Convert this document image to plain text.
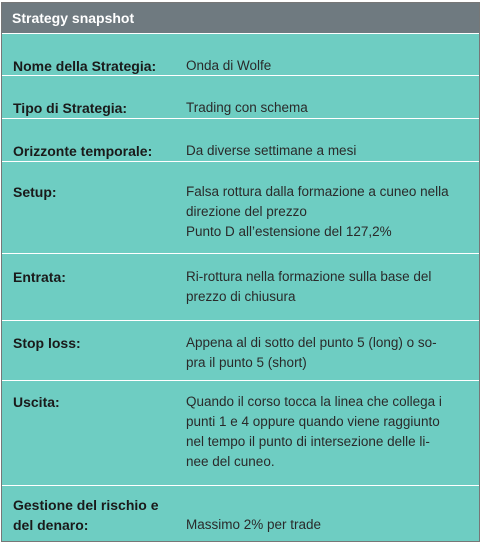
Strategy snapshot
Nome della Strategia:	Onda di Wolfe
Tipo di Strategia:	Trading con schema
Orizzonte temporale:	Da diverse settimane a mesi
Setup:	Falsa rottura dalla formazione a cuneo nella
direzione del prezzo
Punto D all’estensione del 127,2%
Entrata:	Ri-rottura nella formazione sulla base del
prezzo di chiusura
Stop loss:	Appena al di sotto del punto 5 (long) o so-
pra il punto 5 (short)
Uscita:	Quando il corso tocca la linea che collega i
punti 1 e 4 oppure quando viene raggiunto
nel tempo il punto di intersezione delle li-
nee del cuneo.
Gestione del rischio e
del denaro:	Massimo 2% per trade
